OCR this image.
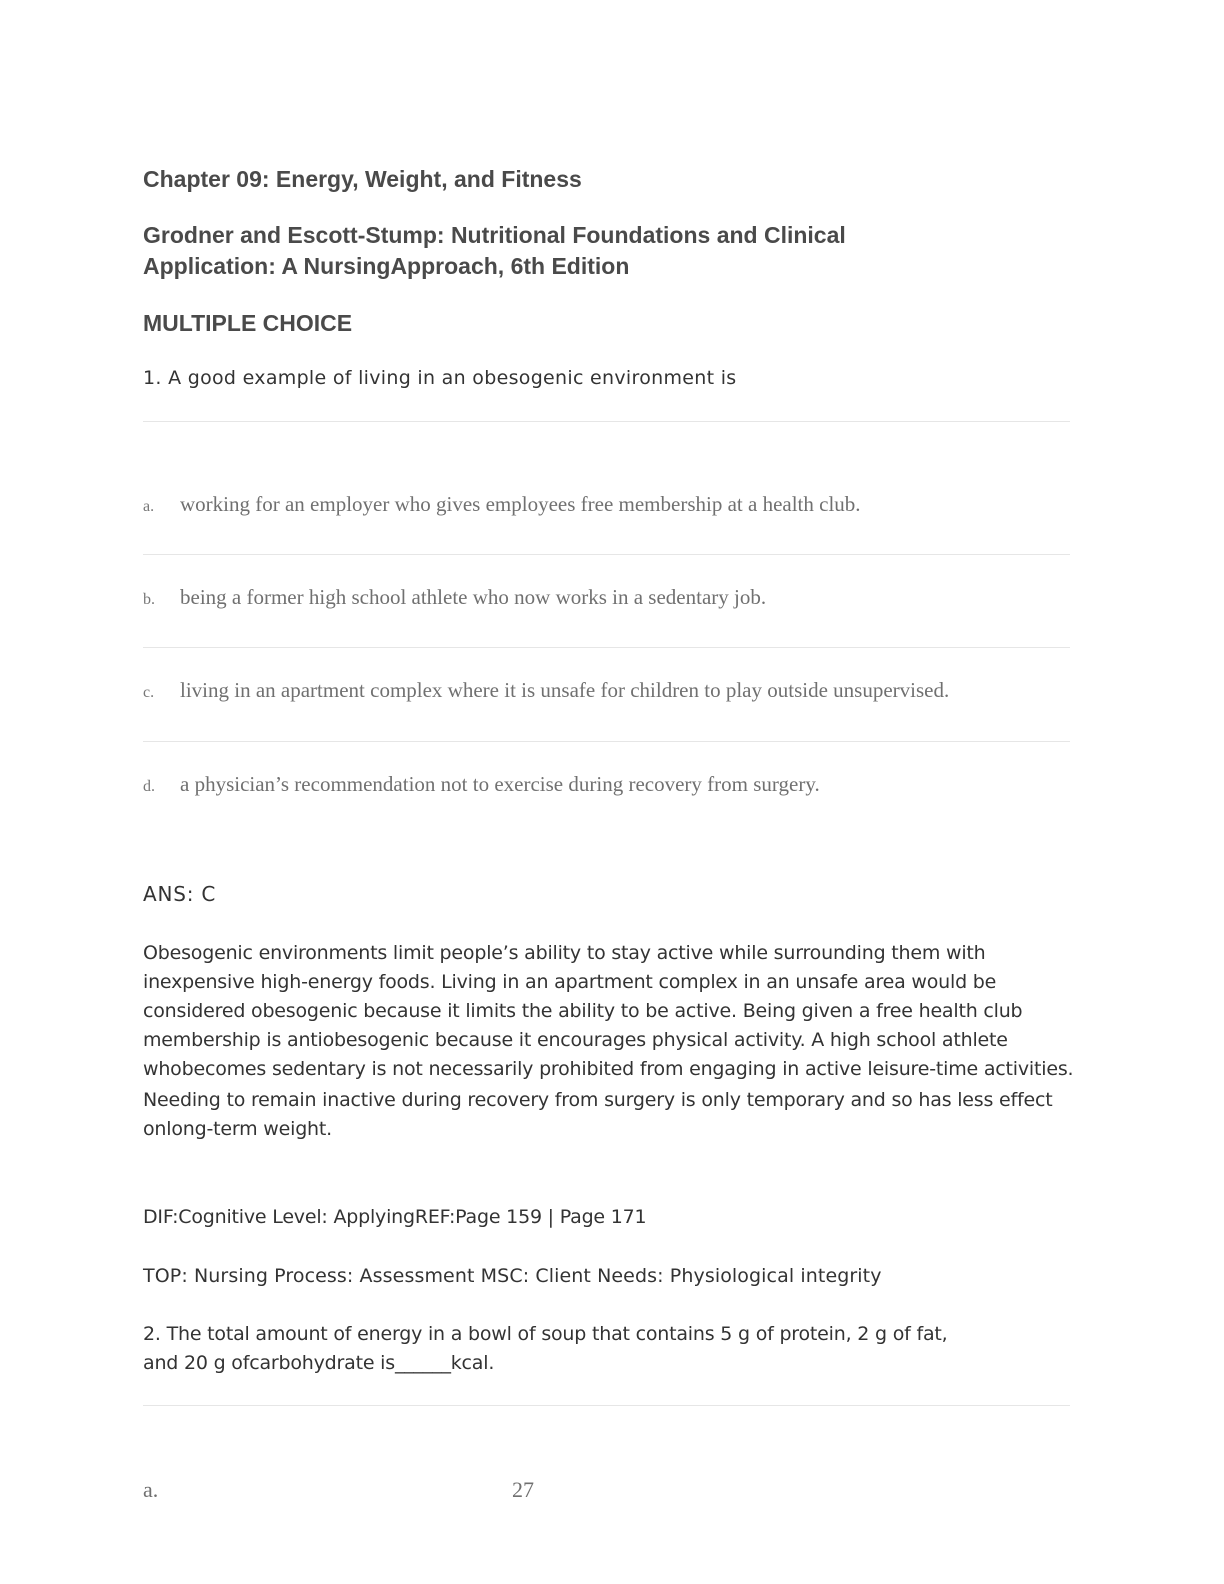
Chapter 09: Energy, Weight, and Fitness
Grodner and Escott-Stump: Nutritional Foundations and Clinical
Application: A NursingApproach, 6th Edition
MULTIPLE CHOICE
1. A good example of living in an obesogenic environment is
a. working for an employer who gives employees free membership at a health club.
b. being a former high school athlete who now works in a sedentary job.
c. living in an apartment complex where it is unsafe for children to play outside unsupervised.
d. a physician’s recommendation not to exercise during recovery from surgery.
ANS: C

Obesogenic environments limit people’s ability to stay active while surrounding them with inexpensive high-energy foods. Living in an apartment complex in an unsafe area would be considered obesogenic because it limits the ability to be active. Being given a free health club membership is antiobesogenic because it encourages physical activity. A high school athlete whobecomes sedentary is not necessarily prohibited from engaging in active leisure-time activities.

Needing to remain inactive during recovery from surgery is only temporary and so has less effect onlong-term weight.

DIF:Cognitive Level: ApplyingREF:Page 159 | Page 171
TOP: Nursing Process: Assessment MSC: Client Needs: Physiological integrity
2. The total amount of energy in a bowl of soup that contains 5 g of protein, 2 g of fat,
and 20 g ofcarbohydrate is______kcal.
a.	27
